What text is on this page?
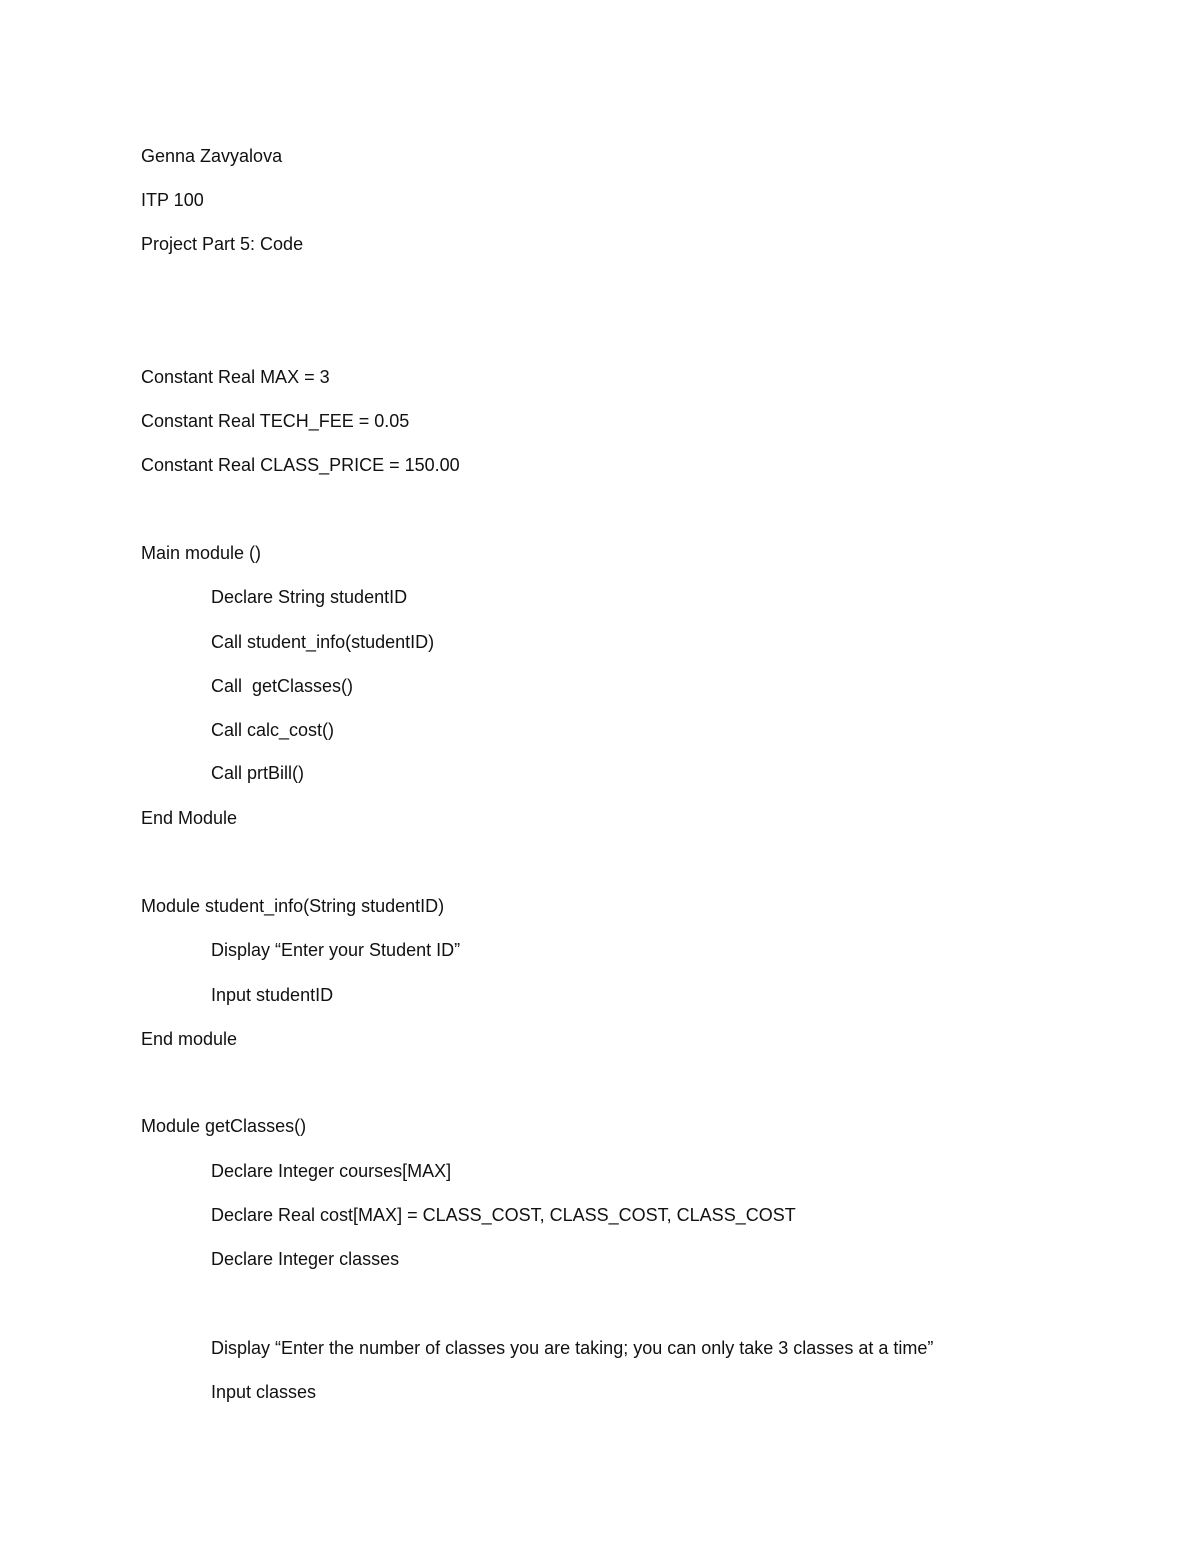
Genna Zavyalova
ITP 100
Project Part 5: Code
Constant Real MAX = 3
Constant Real TECH_FEE = 0.05
Constant Real CLASS_PRICE = 150.00
Main module ()
Declare String studentID
Call student_info(studentID)
Call  getClasses()
Call calc_cost()
Call prtBill()
End Module
Module student_info(String studentID)
Display “Enter your Student ID”
Input studentID
End module
Module getClasses()
Declare Integer courses[MAX]
Declare Real cost[MAX] = CLASS_COST, CLASS_COST, CLASS_COST
Declare Integer classes
Display “Enter the number of classes you are taking; you can only take 3 classes at a time”
Input classes
